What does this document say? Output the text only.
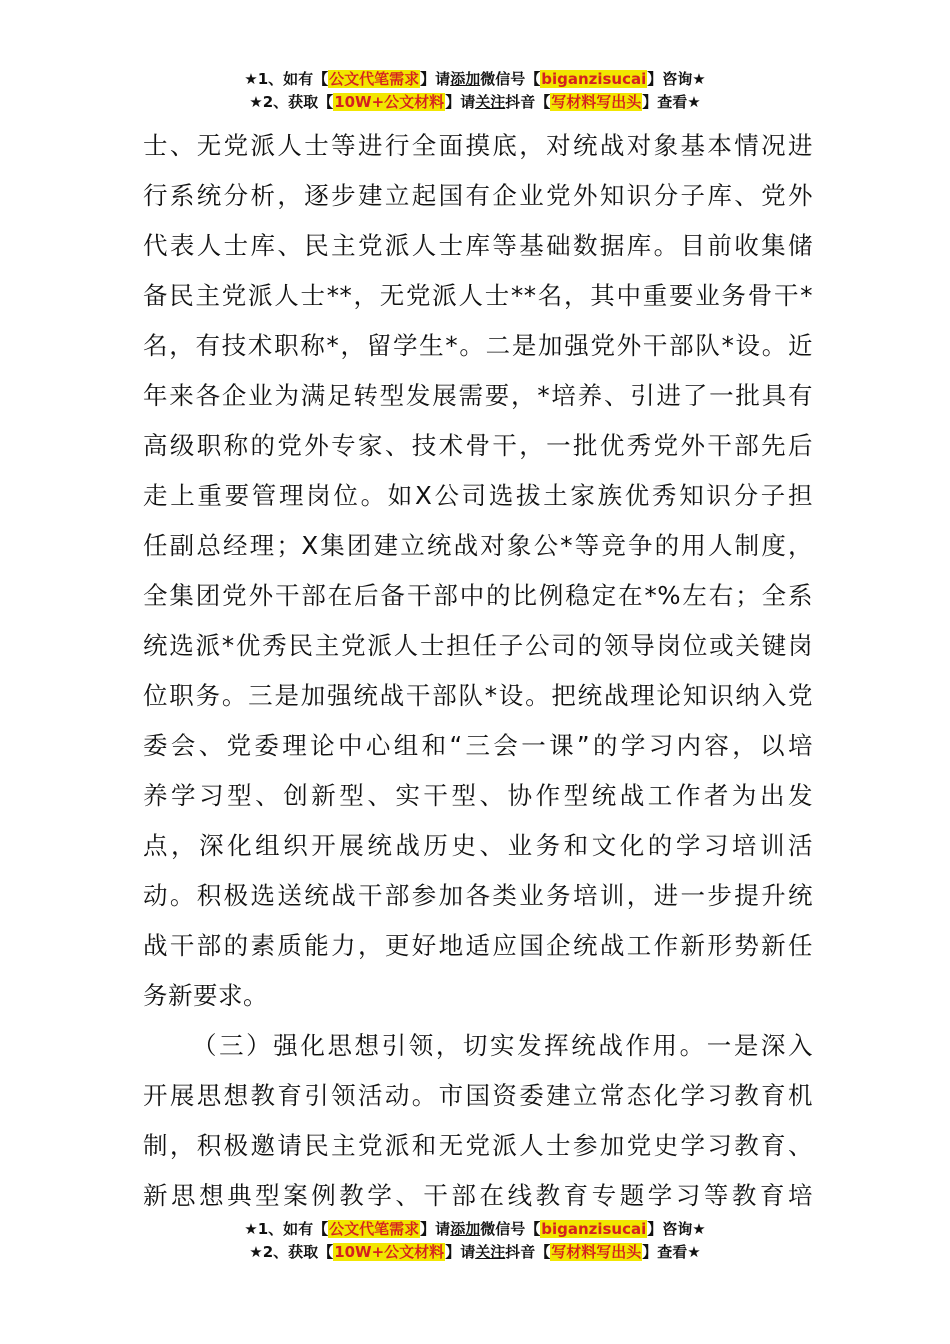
★1、如有【公文代笔需求】请添加微信号【biganzisucai】咨询★
★2、获取【10W+公文材料】请关注抖音【写材料写出头】查看★
士、无党派人士等进行全面摸底，对统战对象基本情况进
行系统分析，逐步建立起国有企业党外知识分子库、党外
代表人士库、民主党派人士库等基础数据库。目前收集储
备民主党派人士**，无党派人士**名，其中重要业务骨干*
名，有技术职称*，留学生*。二是加强党外干部队*设。近
年来各企业为满足转型发展需要，*培养、引进了一批具有
高级职称的党外专家、技术骨干，一批优秀党外干部先后
走上重要管理岗位。如X公司选拔土家族优秀知识分子担
任副总经理；X集团建立统战对象公*等竞争的用人制度，
全集团党外干部在后备干部中的比例稳定在*%左右；全系
统选派*优秀民主党派人士担任子公司的领导岗位或关键岗
位职务。三是加强统战干部队*设。把统战理论知识纳入党
委会、党委理论中心组和“三会一课”的学习内容，以培
养学习型、创新型、实干型、协作型统战工作者为出发
点，深化组织开展统战历史、业务和文化的学习培训活
动。积极选送统战干部参加各类业务培训，进一步提升统
战干部的素质能力，更好地适应国企统战工作新形势新任
务新要求。
（三）强化思想引领，切实发挥统战作用。一是深入
开展思想教育引领活动。市国资委建立常态化学习教育机
制，积极邀请民主党派和无党派人士参加党史学习教育、
新思想典型案例教学、干部在线教育专题学习等教育培
★1、如有【公文代笔需求】请添加微信号【biganzisucai】咨询★
★2、获取【10W+公文材料】请关注抖音【写材料写出头】查看★
